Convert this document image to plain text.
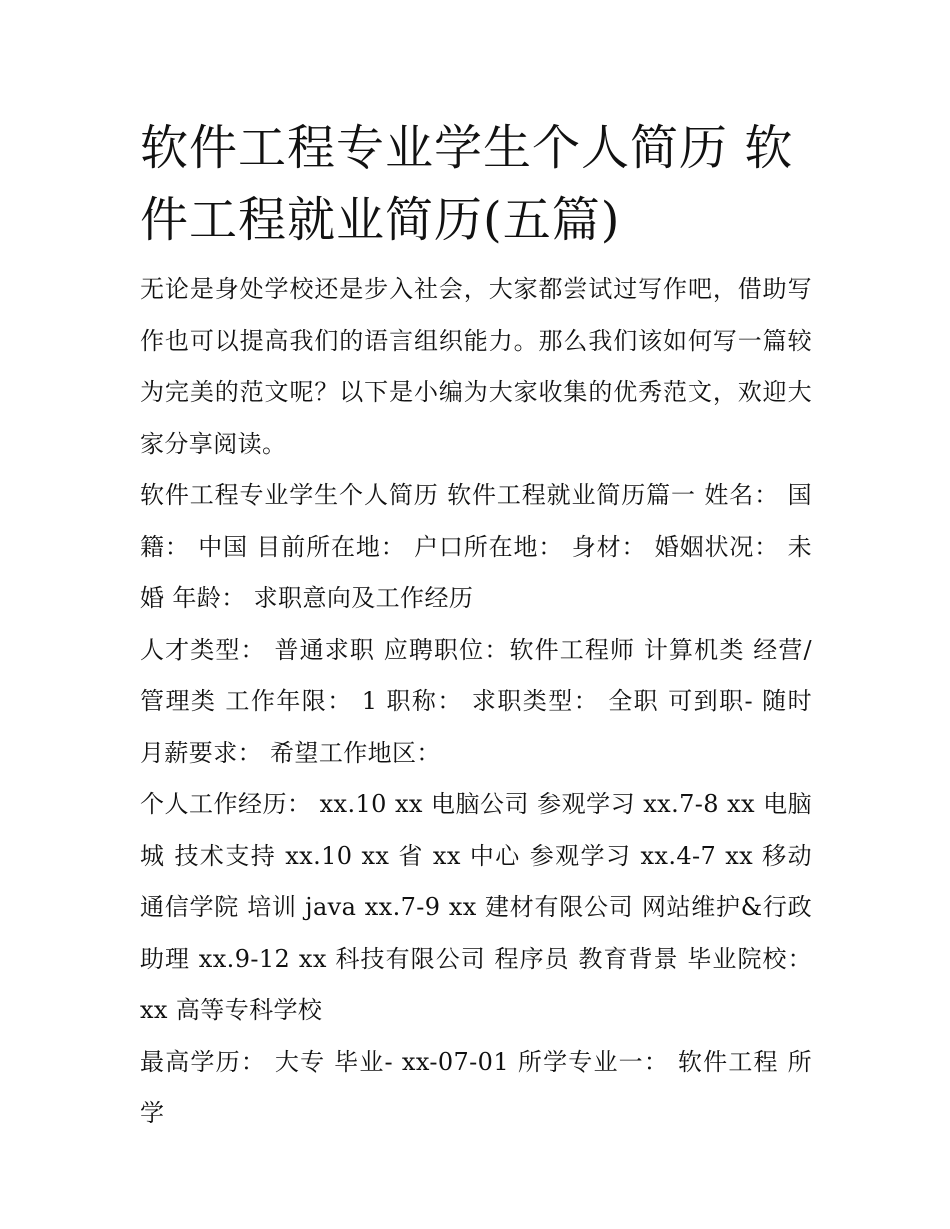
软件工程专业学生个人简历 软件工程就业简历(五篇)

无论是身处学校还是步入社会，大家都尝试过写作吧，借助写作也可以提高我们的语言组织能力。那么我们该如何写一篇较为完美的范文呢？以下是小编为大家收集的优秀范文，欢迎大家分享阅读。

软件工程专业学生个人简历 软件工程就业简历篇一 姓名： 国籍： 中国 目前所在地： 户口所在地： 身材： 婚姻状况： 未婚 年龄： 求职意向及工作经历

人才类型： 普通求职 应聘职位：软件工程师 计算机类 经营/管理类 工作年限： 1 职称： 求职类型： 全职 可到职- 随时 月薪要求： 希望工作地区：

个人工作经历： xx.10 xx 电脑公司 参观学习 xx.7-8 xx 电脑城 技术支持 xx.10 xx 省 xx 中心 参观学习 xx.4-7 xx 移动通信学院 培训 java xx.7-9 xx 建材有限公司 网站维护&行政助理 xx.9-12 xx 科技有限公司 程序员 教育背景 毕业院校： xx 高等专科学校

最高学历： 大专 毕业- xx-07-01 所学专业一： 软件工程 所学
